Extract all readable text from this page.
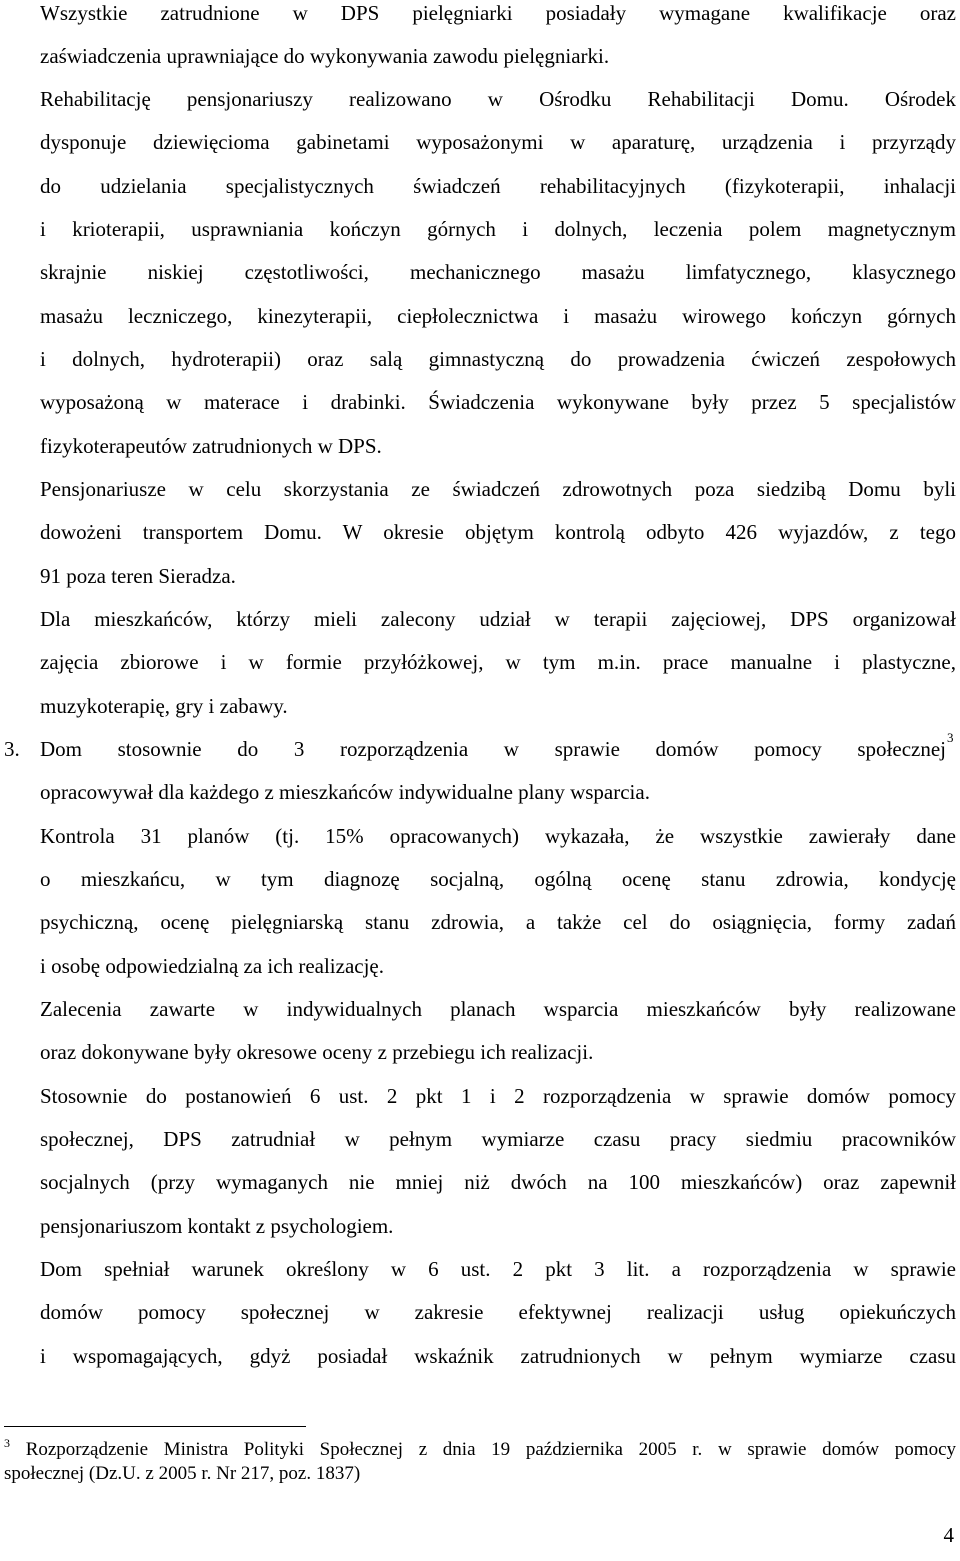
Wszystkie zatrudnione w DPS pielęgniarki posiadały wymagane kwalifikacje oraz
zaświadczenia uprawniające do wykonywania zawodu pielęgniarki.
Rehabilitację pensjonariuszy realizowano w Ośrodku Rehabilitacji Domu. Ośrodek
dysponuje dziewięcioma gabinetami wyposażonymi w aparaturę, urządzenia i przyrządy
do udzielania specjalistycznych świadczeń rehabilitacyjnych (fizykoterapii, inhalacji
i krioterapii, usprawniania kończyn górnych i dolnych, leczenia polem magnetycznym
skrajnie niskiej częstotliwości, mechanicznego masażu limfatycznego, klasycznego
masażu leczniczego, kinezyterapii, ciepłolecznictwa i masażu wirowego kończyn górnych
i dolnych, hydroterapii) oraz salą gimnastyczną do prowadzenia ćwiczeń zespołowych
wyposażoną w materace i drabinki. Świadczenia wykonywane były przez 5 specjalistów
fizykoterapeutów zatrudnionych w DPS.
Pensjonariusze w celu skorzystania ze świadczeń zdrowotnych poza siedzibą Domu byli
dowożeni transportem Domu. W okresie objętym kontrolą odbyto 426 wyjazdów, z tego
91 poza teren Sieradza.
Dla mieszkańców, którzy mieli zalecony udział w terapii zajęciowej, DPS organizował
zajęcia zbiorowe i w formie przyłóżkowej, w tym m.in. prace manualne i plastyczne,
muzykoterapię, gry i zabawy.
3. Dom stosownie do 3 rozporządzenia w sprawie domów pomocy społecznej 3
opracowywał dla każdego z mieszkańców indywidualne plany wsparcia.
Kontrola 31 planów (tj. 15% opracowanych) wykazała, że wszystkie zawierały dane
o mieszkańcu, w tym diagnozę socjalną, ogólną ocenę stanu zdrowia, kondycję
psychiczną, ocenę pielęgniarską stanu zdrowia, a także cel do osiągnięcia, formy zadań
i osobę odpowiedzialną za ich realizację.
Zalecenia zawarte w indywidualnych planach wsparcia mieszkańców były realizowane
oraz dokonywane były okresowe oceny z przebiegu ich realizacji.
Stosownie do postanowień 6 ust. 2 pkt 1 i 2 rozporządzenia w sprawie domów pomocy
społecznej, DPS zatrudniał w pełnym wymiarze czasu pracy siedmiu pracowników
socjalnych (przy wymaganych nie mniej niż dwóch na 100 mieszkańców) oraz zapewnił
pensjonariuszom kontakt z psychologiem.
Dom spełniał warunek określony w 6 ust. 2 pkt 3 lit. a rozporządzenia w sprawie
domów pomocy społecznej w zakresie efektywnej realizacji usług opiekuńczych
i wspomagających, gdyż posiadał wskaźnik zatrudnionych w pełnym wymiarze czasu
$^3$ Rozporządzenie Ministra Polityki Społecznej z dnia 19 października 2005 r. w sprawie domów pomocy
społecznej (Dz.U. z 2005 r. Nr 217, poz. 1837)
4
